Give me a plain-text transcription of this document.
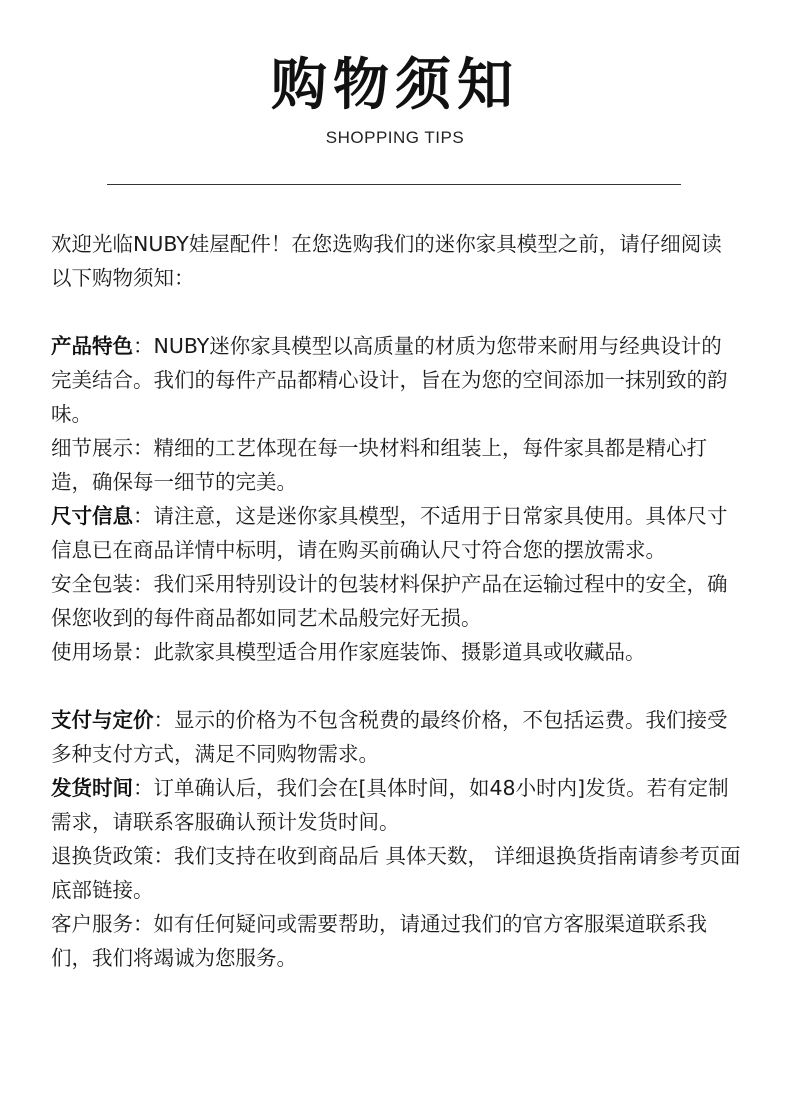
购物须知
SHOPPING TIPS

欢迎光临NUBY娃屋配件！在您选购我们的迷你家具模型之前，请仔细阅读以下购物须知：

产品特色：NUBY迷你家具模型以高质量的材质为您带来耐用与经典设计的完美结合。我们的每件产品都精心设计，旨在为您的空间添加一抹别致的韵味。

细节展示：精细的工艺体现在每一块材料和组装上，每件家具都是精心打造，确保每一细节的完美。

尺寸信息：请注意，这是迷你家具模型，不适用于日常家具使用。具体尺寸信息已在商品详情中标明，请在购买前确认尺寸符合您的摆放需求。

安全包装：我们采用特别设计的包装材料保护产品在运输过程中的安全，确保您收到的每件商品都如同艺术品般完好无损。

使用场景：此款家具模型适合用作家庭装饰、摄影道具或收藏品。

支付与定价：显示的价格为不包含税费的最终价格，不包括运费。我们接受多种支付方式，满足不同购物需求。

发货时间：订单确认后，我们会在[具体时间，如48小时内]发货。若有定制需求，请联系客服确认预计发货时间。

退换货政策：我们支持在收到商品后 具体天数， 详细退换货指南请参考页面底部链接。

客户服务：如有任何疑问或需要帮助，请通过我们的官方客服渠道联系我们，我们将竭诚为您服务。
